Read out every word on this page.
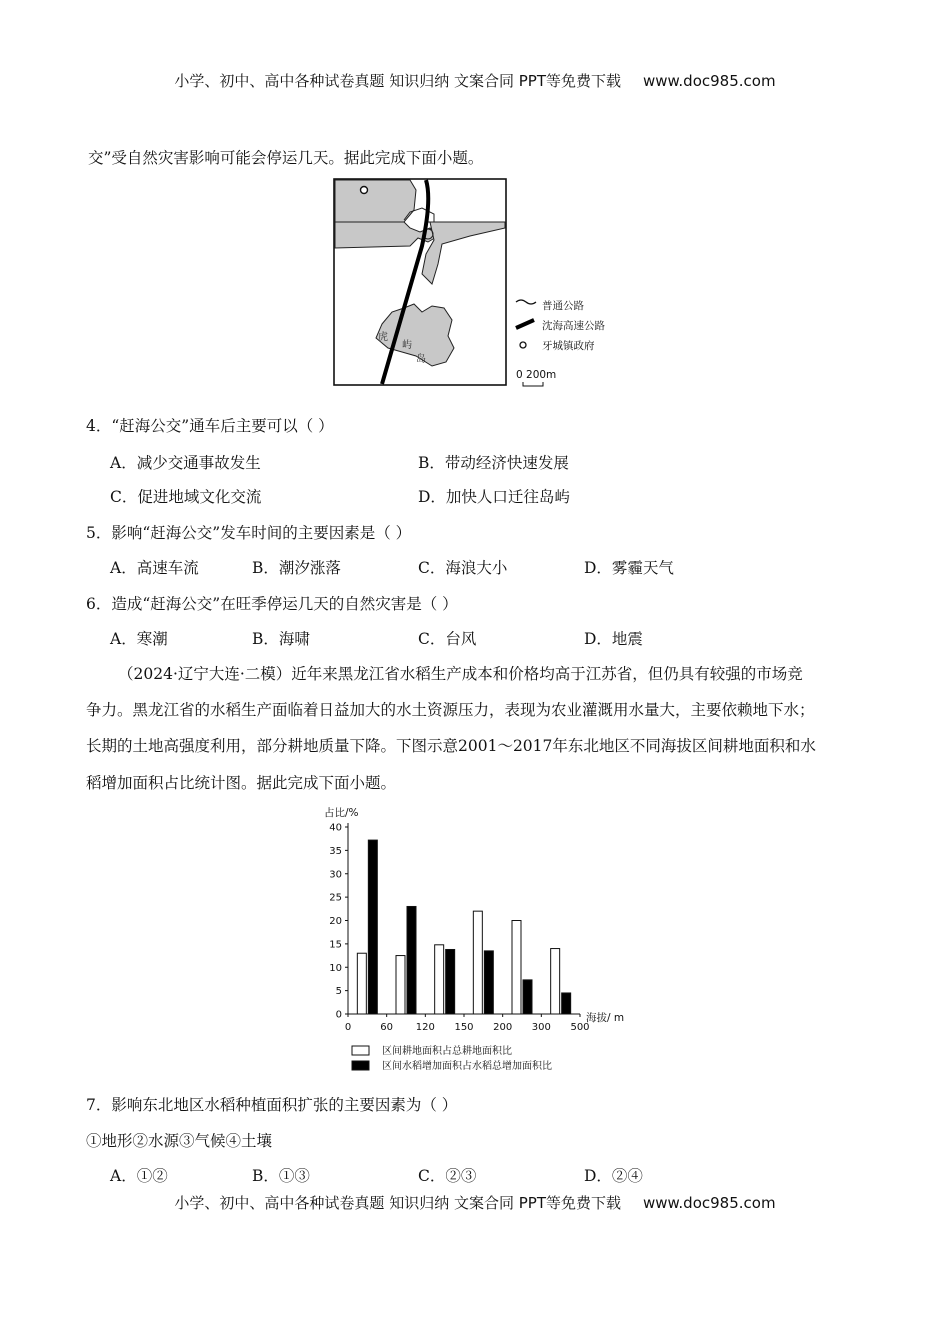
小学、初中、高中各种试卷真题 知识归纳 文案合同 PPT等免费下载 www.doc985.com
交”受自然灾害影响可能会停运几天。据此完成下面小题。
虎
屿
岛
普通公路
沈海高速公路
牙城镇政府
0 200m
4．“赶海公交”通车后主要可以（ ）
A．减少交通事故发生	B．带动经济快速发展
C．促进地域文化交流	D．加快人口迁往岛屿
5．影响“赶海公交”发车时间的主要因素是（ ）
A．高速车流	B．潮汐涨落	C．海浪大小	D．雾霾天气
6．造成“赶海公交”在旺季停运几天的自然灾害是（ ）
A．寒潮	B．海啸	C．台风	D．地震
（2024·辽宁大连·二模）近年来黑龙江省水稻生产成本和价格均高于江苏省，但仍具有较强的市场竞
争力。黑龙江省的水稻生产面临着日益加大的水土资源压力，表现为农业灌溉用水量大，主要依赖地下水；
长期的土地高强度利用，部分耕地质量下降。下图示意2001～2017年东北地区不同海拔区间耕地面积和水
稻增加面积占比统计图。据此完成下面小题。
占比/%
海拔/ m
40
35
30
25
20
15
10
5
0
0	60 120 150 200 300 500
区间耕地面积占总耕地面积比
区间水稻增加面积占水稻总增加面积比
7．影响东北地区水稻种植面积扩张的主要因素为（ ）
①地形②水源③气候④土壤
A．①②	B．①③	C．②③	D．②④
小学、初中、高中各种试卷真题 知识归纳 文案合同 PPT等免费下载 www.doc985.com
